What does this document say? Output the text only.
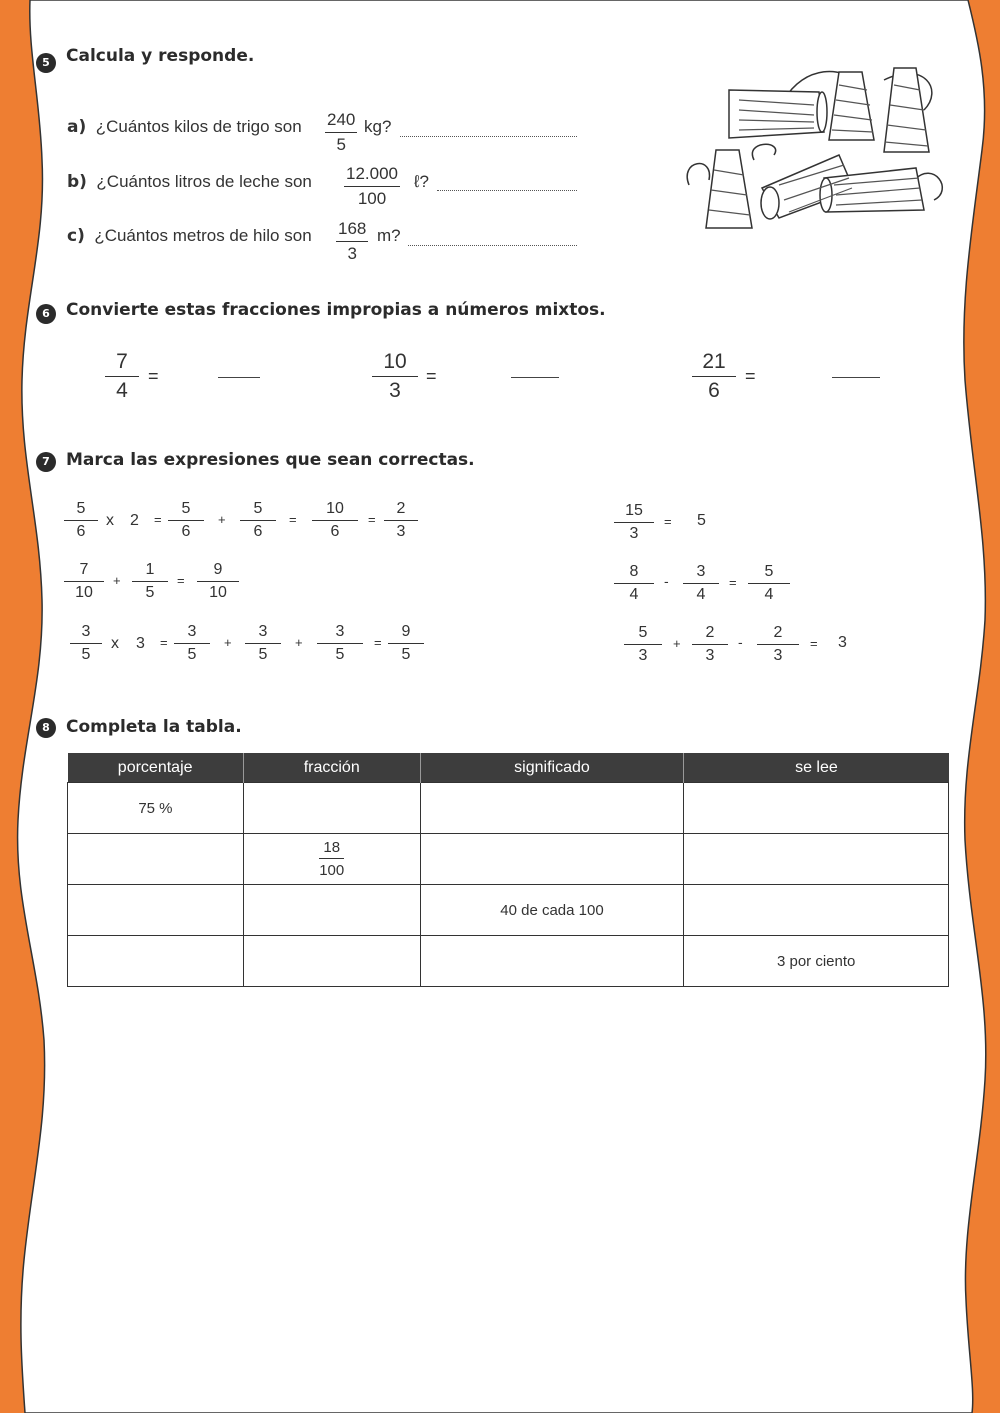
5 Calcula y responde.
a) ¿Cuántos kilos de trigo son $\frac{240}{5}$ kg?
b) ¿Cuántos litros de leche son $\frac{12.000}{100}$ ℓ?
c) ¿Cuántos metros de hilo son $\frac{168}{3} m$?
6 Convierte estas fracciones impropias a números mixtos.
$\frac{7}{4}$ =	$\frac{10}{3}$ =	$\frac{21}{6}$ =
7 Marca las expresiones que sean correctas.
$\frac{5}{6}$ x $2 = \frac{5}{6} + \frac{5}{6} = \frac{10}{6} = \frac{2}{3}$
$\frac{7}{10} + \frac{1}{5} = \frac{9}{10}$
$\frac{3}{5}$ x $3 = \frac{3}{5} + \frac{3}{5} + \frac{3}{5} = \frac{9}{5}$
$\frac{15}{3} = 5$
$\frac{8}{4} - \frac{3}{4} = \frac{5}{4}$
$\frac{5}{3} + \frac{2}{3} - \frac{2}{3} = 3$
8 Completa la tabla.
porcentaje	fracción	significado	se lee
75 %			

	$\frac{18}{100}$

		40 de cada 100	
			3 por ciento
